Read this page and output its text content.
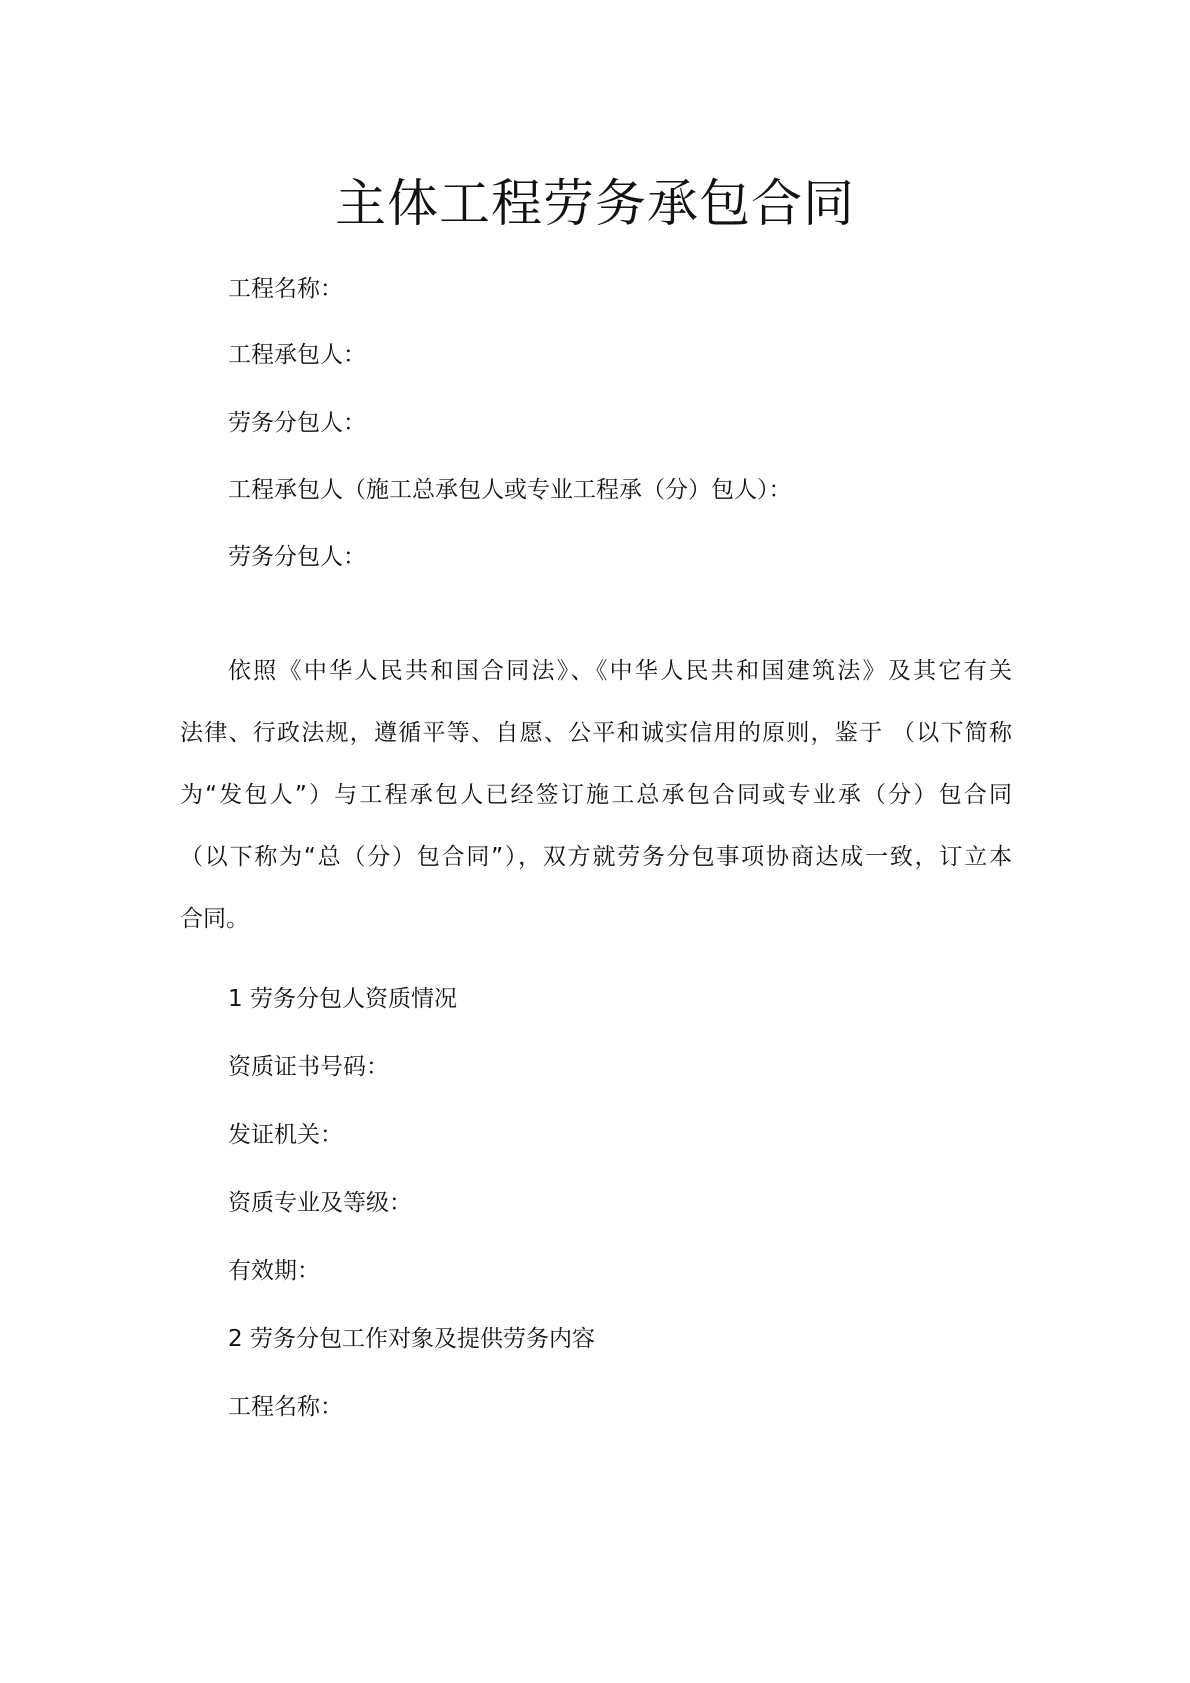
主体工程劳务承包合同
工程名称：
工程承包人：
劳务分包人：
工程承包人（施工总承包人或专业工程承（分）包人）：
劳务分包人：
依照《中华人民共和国合同法》、《中华人民共和国建筑法》及其它有关
法律、行政法规，遵循平等、自愿、公平和诚实信用的原则，鉴于 （以下简称
为“发包人”）与工程承包人已经签订施工总承包合同或专业承（分）包合同
（以下称为“总（分）包合同”），双方就劳务分包事项协商达成一致，订立本
合同。
1 劳务分包人资质情况
资质证书号码：
发证机关：
资质专业及等级：
有效期：
2 劳务分包工作对象及提供劳务内容
工程名称：
